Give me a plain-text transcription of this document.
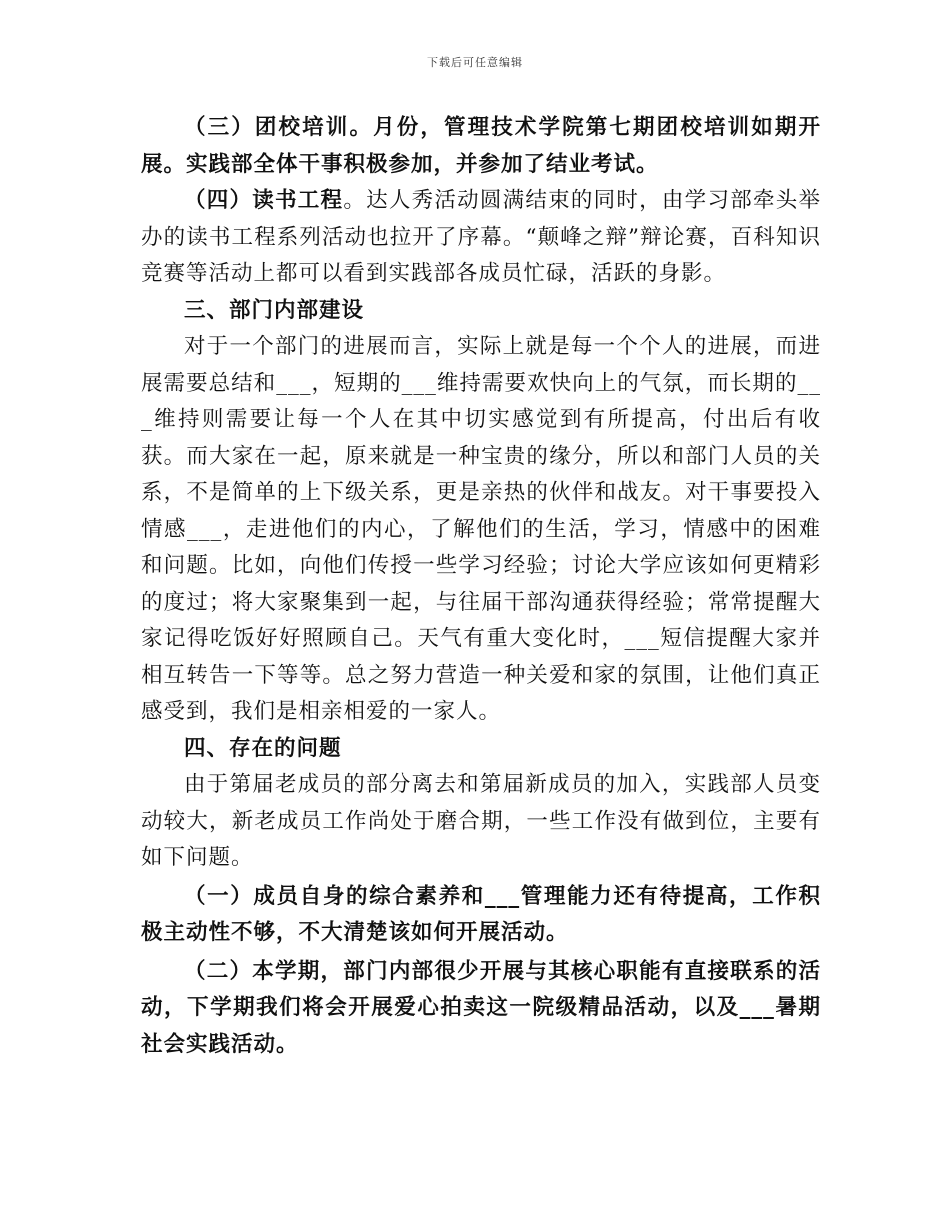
下载后可任意编辑

（三）团校培训。月份，管理技术学院第七期团校培训如期开展。实践部全体干事积极参加，并参加了结业考试。

（四）读书工程。达人秀活动圆满结束的同时，由学习部牵头举办的读书工程系列活动也拉开了序幕。“颠峰之辩”辩论赛，百科知识竞赛等活动上都可以看到实践部各成员忙碌，活跃的身影。

三、部门内部建设

对于一个部门的进展而言，实际上就是每一个个人的进展，而进展需要总结和___，短期的___维持需要欢快向上的气氛，而长期的___维持则需要让每一个人在其中切实感觉到有所提高，付出后有收获。而大家在一起，原来就是一种宝贵的缘分，所以和部门人员的关系，不是简单的上下级关系，更是亲热的伙伴和战友。对干事要投入情感___，走进他们的内心，了解他们的生活，学习，情感中的困难和问题。比如，向他们传授一些学习经验；讨论大学应该如何更精彩的度过；将大家聚集到一起，与往届干部沟通获得经验；常常提醒大家记得吃饭好好照顾自己。天气有重大变化时，___短信提醒大家并相互转告一下等等。总之努力营造一种关爱和家的氛围，让他们真正感受到，我们是相亲相爱的一家人。

四、存在的问题

由于第届老成员的部分离去和第届新成员的加入，实践部人员变动较大，新老成员工作尚处于磨合期，一些工作没有做到位，主要有如下问题。

（一）成员自身的综合素养和___管理能力还有待提高，工作积极主动性不够，不大清楚该如何开展活动。

（二）本学期，部门内部很少开展与其核心职能有直接联系的活动，下学期我们将会开展爱心拍卖这一院级精品活动，以及___暑期社会实践活动。
